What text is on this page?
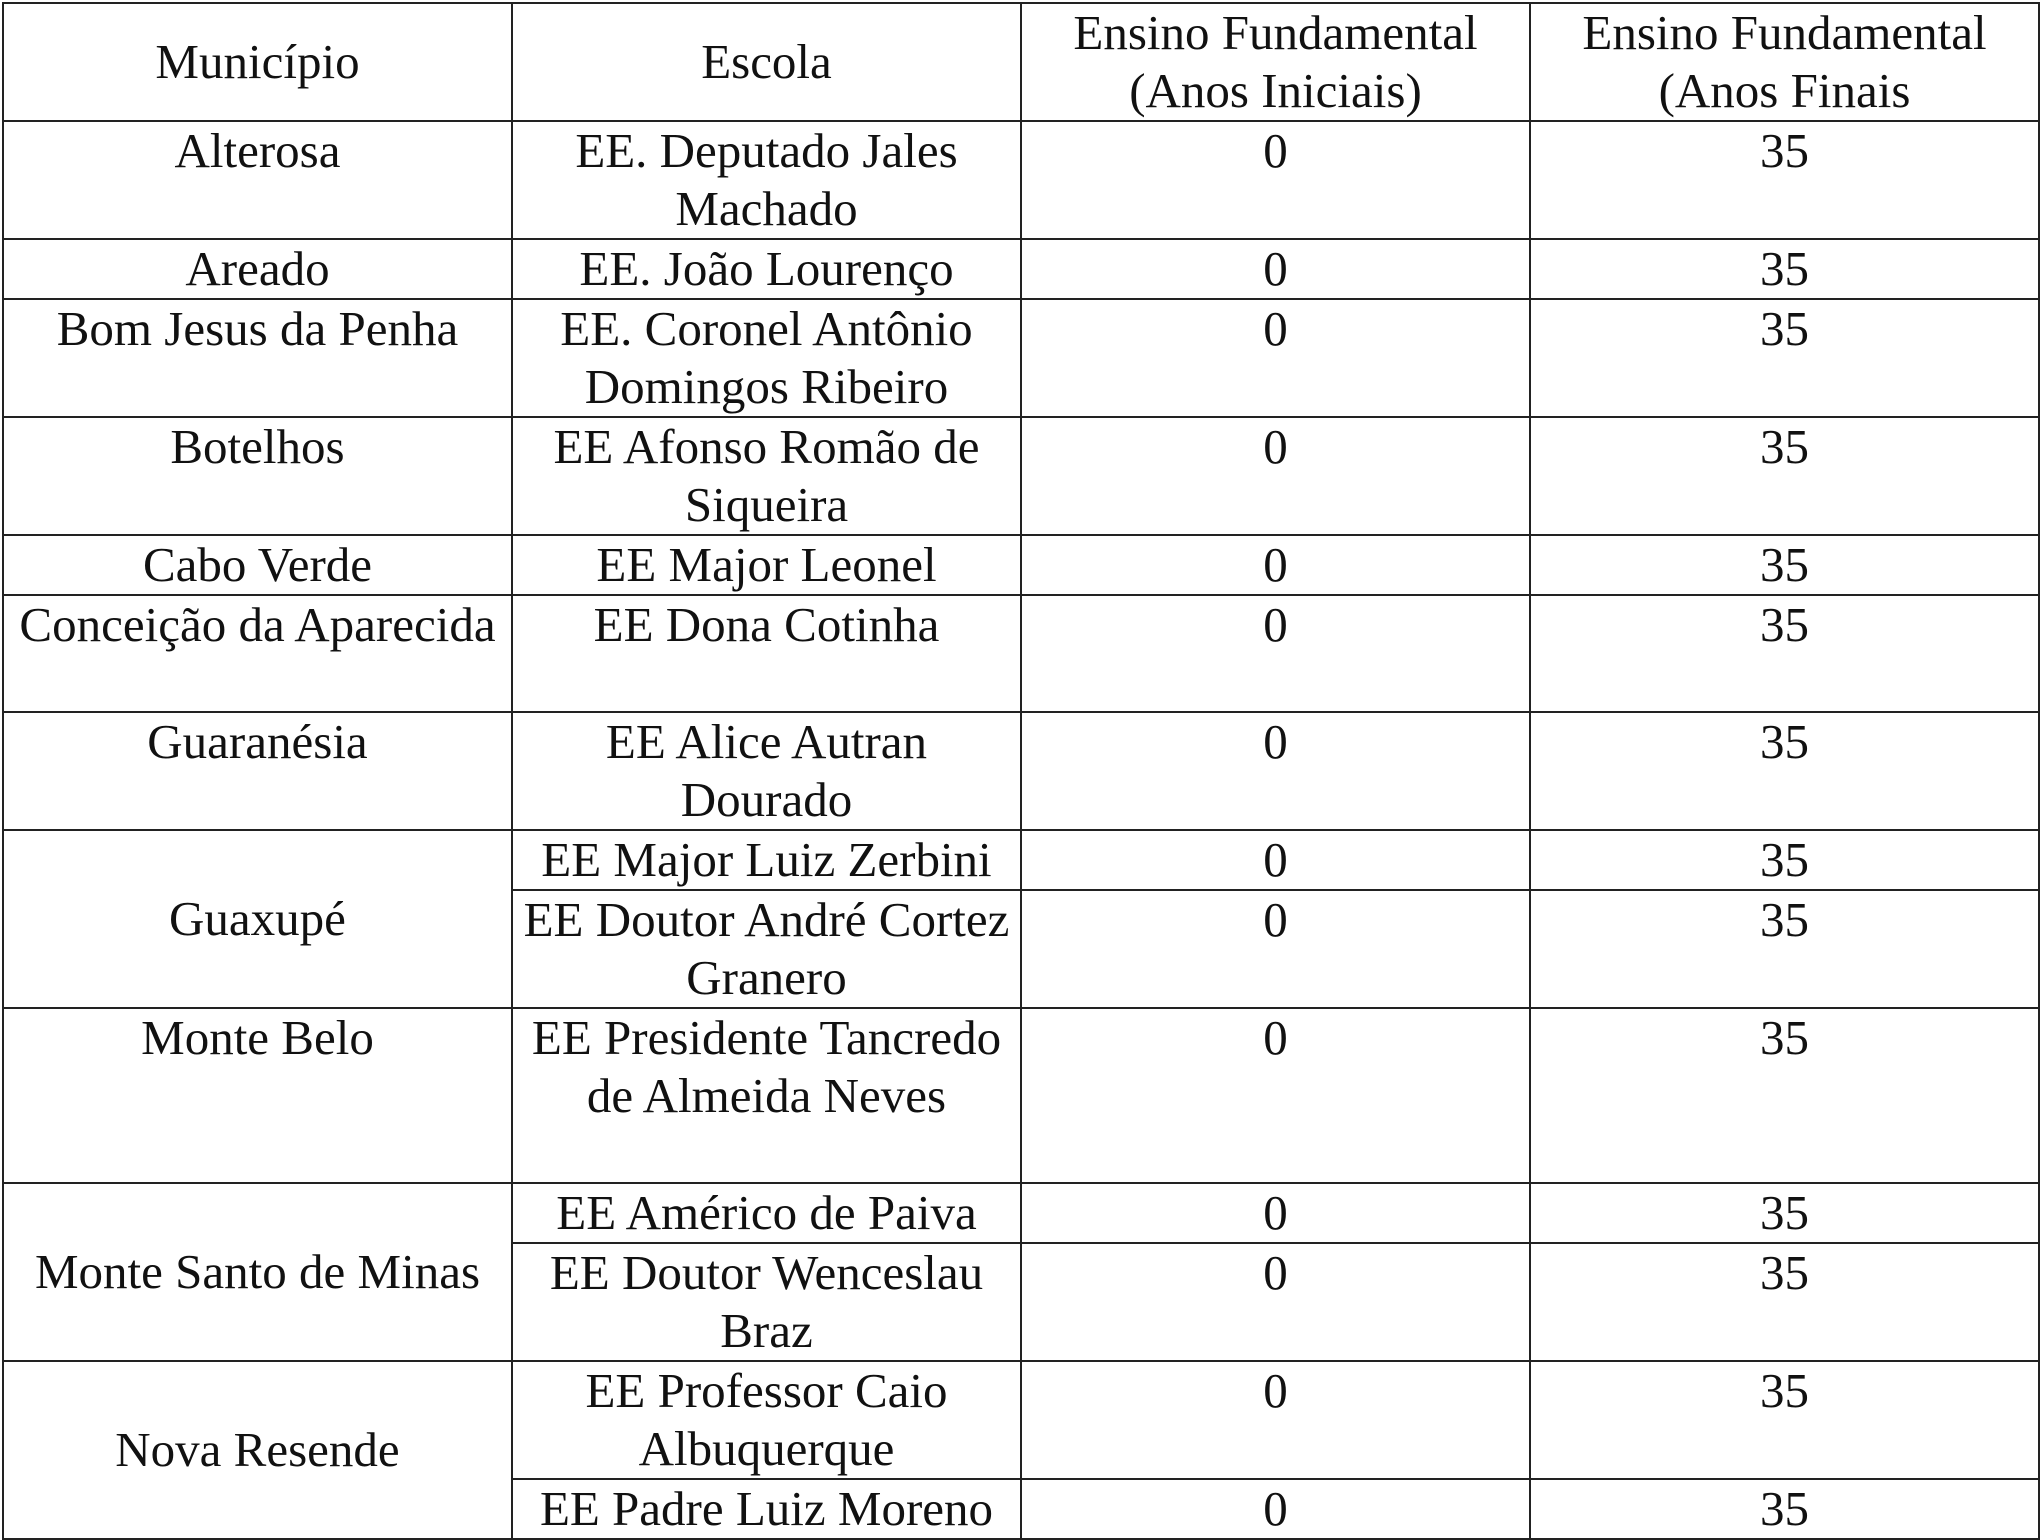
Município	Escola	Ensino Fundamental (Anos Iniciais)	Ensino Fundamental (Anos Finais
Alterosa	EE. Deputado Jales Machado	0	35
Areado	EE. João Lourenço	0	35
Bom Jesus da Penha	EE. Coronel Antônio Domingos Ribeiro	0	35
Botelhos	EE Afonso Romão de Siqueira	0	35
Cabo Verde	EE Major Leonel	0	35
Conceição da Aparecida	EE Dona Cotinha	0	35
Guaranésia	EE Alice Autran Dourado	0	35
Guaxupé	EE Major Luiz Zerbini	0	35
	EE Doutor André Cortez Granero	0	35
Monte Belo	EE Presidente Tancredo de Almeida Neves	0	35
Monte Santo de Minas	EE Américo de Paiva	0	35
	EE Doutor Wenceslau Braz	0	35
Nova Resende	EE Professor Caio Albuquerque	0	35
	EE Padre Luiz Moreno	0	35
